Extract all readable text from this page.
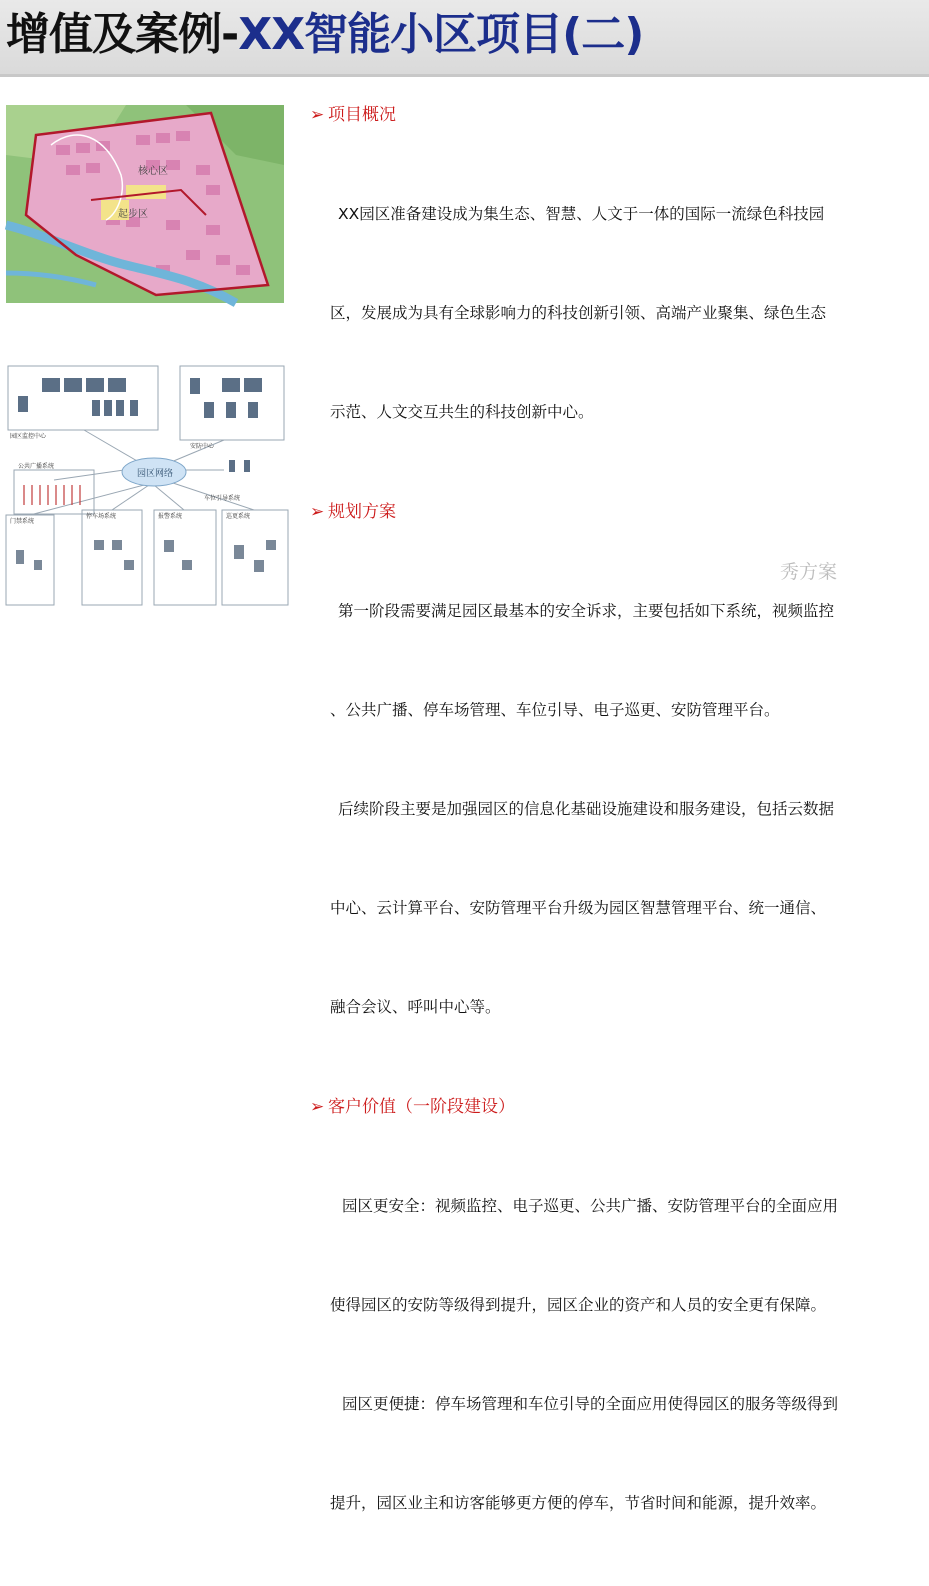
增值及案例-XX智能小区项目(二)
核心区
起步区
园区网络
园区监控中心
安防中心
公共广播系统
门禁系统
停车场系统	报警系统	巡更系统
车位引导系统
➢ 项目概况

XX园区准备建设成为集生态、智慧、人文于一体的国际一流绿色科技园

区，发展成为具有全球影响力的科技创新引领、高端产业聚集、绿色生态

示范、人文交互共生的科技创新中心。

➢ 规划方案

第一阶段需要满足园区最基本的安全诉求，主要包括如下系统，视频监控

、公共广播、停车场管理、车位引导、电子巡更、安防管理平台。

后续阶段主要是加强园区的信息化基础设施建设和服务建设，包括云数据

中心、云计算平台、安防管理平台升级为园区智慧管理平台、统一通信、

融合会议、呼叫中心等。

➢ 客户价值（一阶段建设）

园区更安全：视频监控、电子巡更、公共广播、安防管理平台的全面应用

使得园区的安防等级得到提升，园区企业的资产和人员的安全更有保障。

园区更便捷：停车场管理和车位引导的全面应用使得园区的服务等级得到

提升，园区业主和访客能够更方便的停车，节省时间和能源，提升效率。

秀方案
